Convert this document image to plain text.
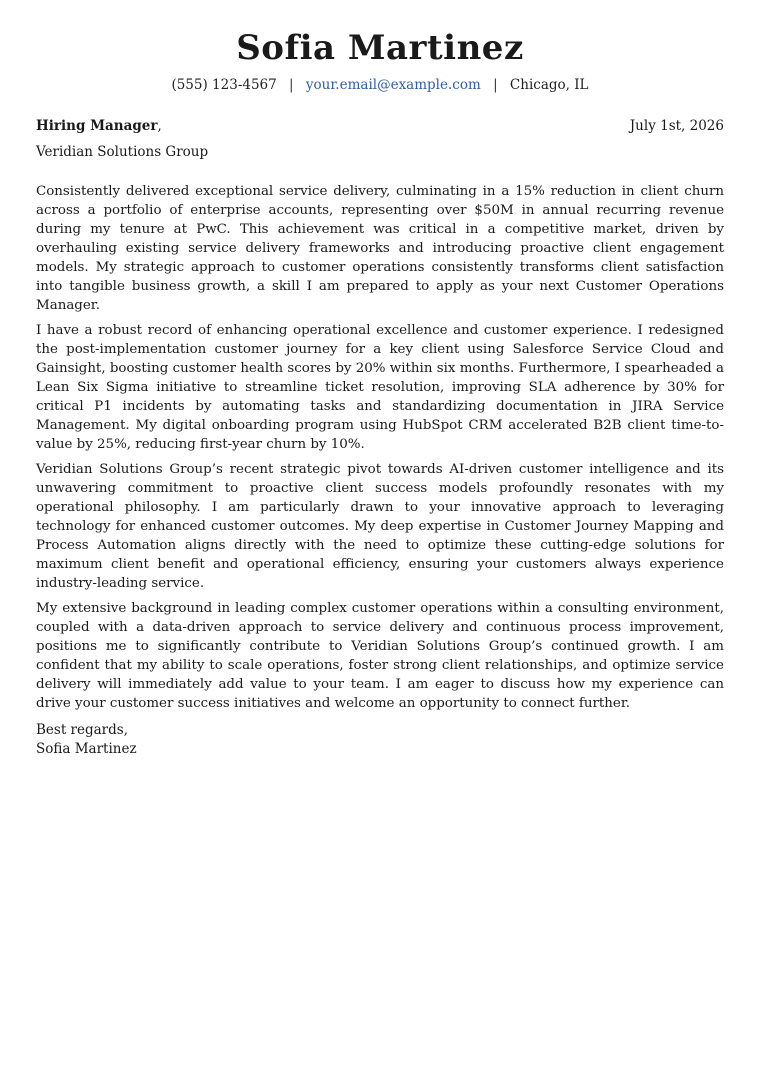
Sofia Martinez
(555) 123-4567 | your.email@example.com | Chicago, IL
Hiring Manager,	July 1st, 2026
Veridian Solutions Group

Consistently delivered exceptional service delivery, culminating in a 15% reduction in client churn across a portfolio of enterprise accounts, representing over $50M in annual recurring revenue during my tenure at PwC. This achievement was critical in a competitive market, driven by overhauling existing service delivery frameworks and introducing proactive client engagement models. My strategic approach to customer operations consistently transforms client satisfaction into tangible business growth, a skill I am prepared to apply as your next Customer Operations Manager.

I have a robust record of enhancing operational excellence and customer experience. I redesigned the post-implementation customer journey for a key client using Salesforce Service Cloud and Gainsight, boosting customer health scores by 20% within six months. Furthermore, I spearheaded a Lean Six Sigma initiative to streamline ticket resolution, improving SLA adherence by 30% for critical P1 incidents by automating tasks and standardizing documentation in JIRA Service Management. My digital onboarding program using HubSpot CRM accelerated B2B client time-to-value by 25%, reducing first-year churn by 10%.

Veridian Solutions Group’s recent strategic pivot towards AI-driven customer intelligence and its unwavering commitment to proactive client success models profoundly resonates with my operational philosophy. I am particularly drawn to your innovative approach to leveraging technology for enhanced customer outcomes. My deep expertise in Customer Journey Mapping and Process Automation aligns directly with the need to optimize these cutting-edge solutions for maximum client benefit and operational efficiency, ensuring your customers always experience industry-leading service.

My extensive background in leading complex customer operations within a consulting environment, coupled with a data-driven approach to service delivery and continuous process improvement, positions me to significantly contribute to Veridian Solutions Group’s continued growth. I am confident that my ability to scale operations, foster strong client relationships, and optimize service delivery will immediately add value to your team. I am eager to discuss how my experience can drive your customer success initiatives and welcome an opportunity to connect further.

Best regards,
Sofia Martinez
